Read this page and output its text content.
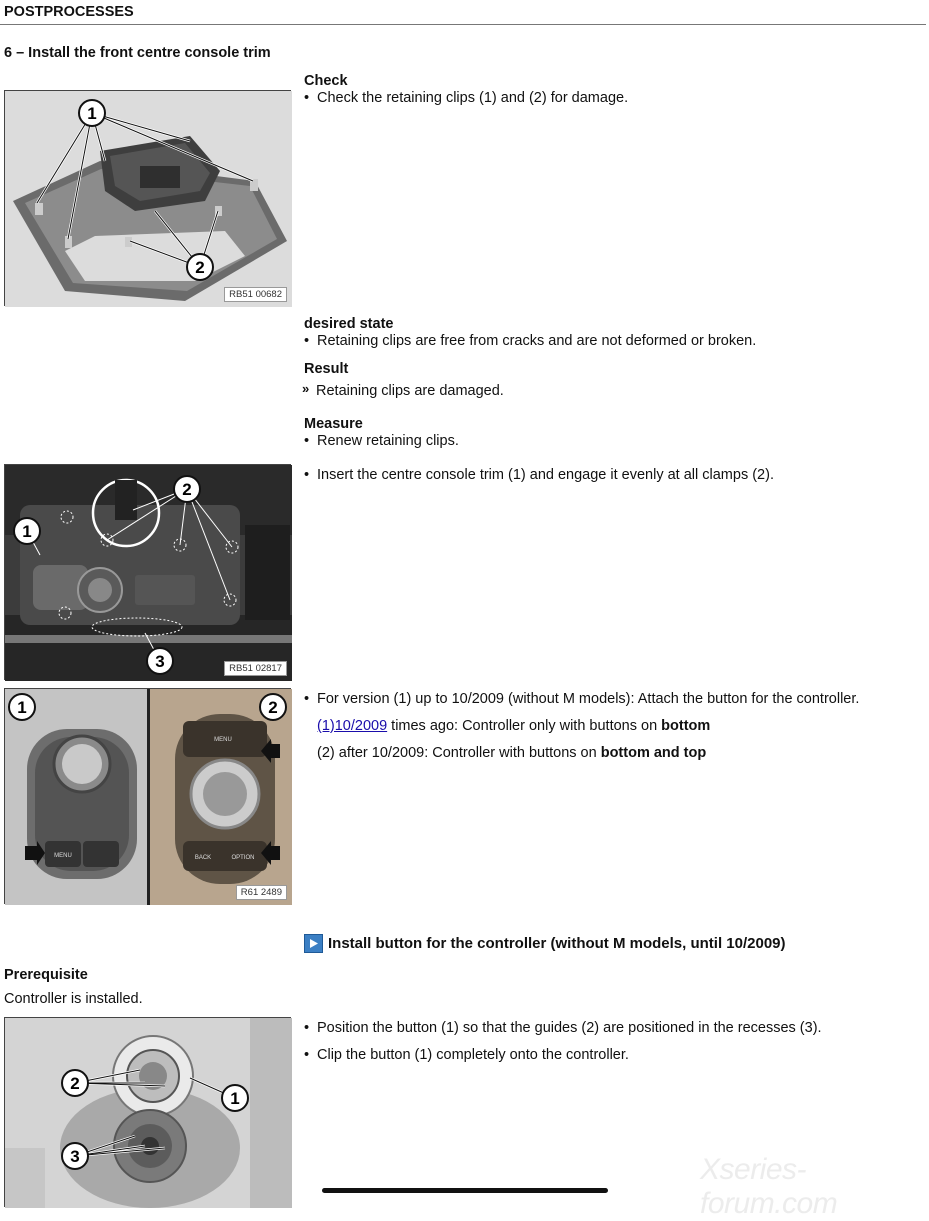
POSTPROCESSES
6 – Install the front centre console trim
1
2
RB51 00682
Check
• Check the retaining clips (1) and (2) for damage.
desired state
• Retaining clips are free from cracks and are not deformed or broken.
Result
» Retaining clips are damaged.
Measure
• Renew retaining clips.
2
1
3	RB51 02817
• Insert the centre console trim (1) and engage it evenly at all clamps (2).
MENU
MENU
BACK	OPTION
1	2
R61 2489
• For version (1) up to 10/2009 (without M models): Attach the button for the controller.
(1)10/2009 times ago: Controller only with buttons on bottom
(2) after 10/2009: Controller with buttons on bottom and top
Install button for the controller (without M models, until 10/2009)
Prerequisite
Controller is installed.
2
1
3
• Position the button (1) so that the guides (2) are positioned in the recesses (3).
• Clip the button (1) completely onto the controller.
Xseries-forum.com
